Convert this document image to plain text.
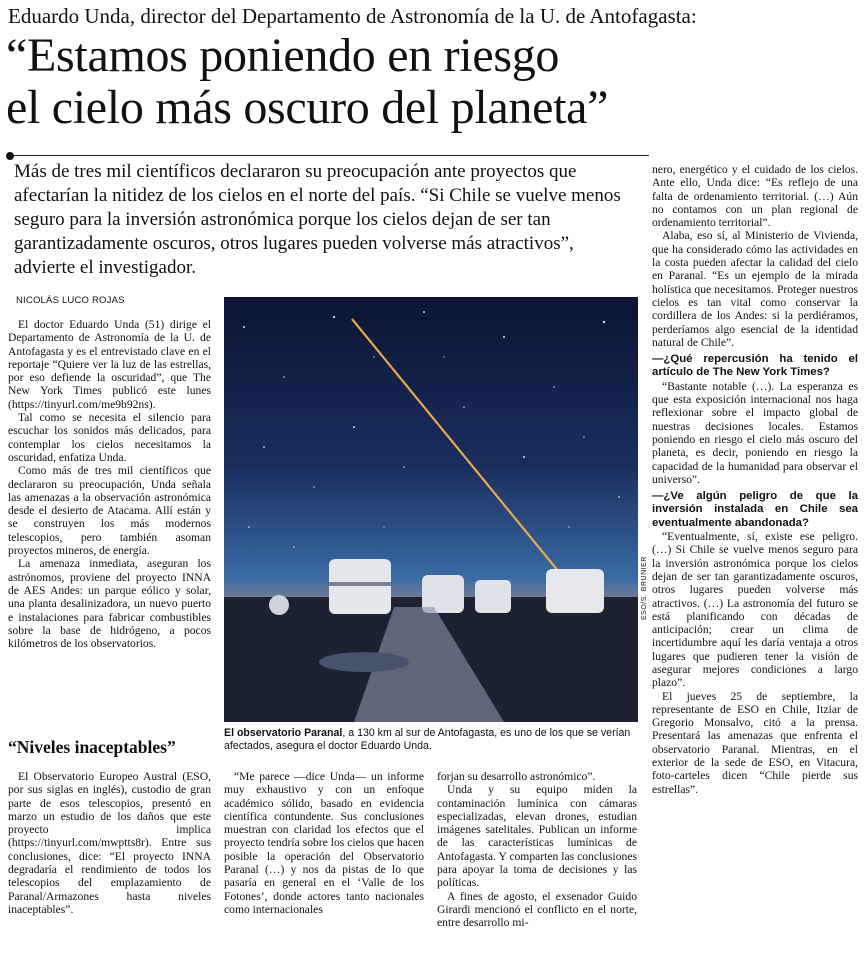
Eduardo Unda, director del Departamento de Astronomía de la U. de Antofagasta:
“Estamos poniendo en riesgo
el cielo más oscuro del planeta”
Más de tres mil científicos declararon su preocupación ante proyectos que afectarían la nitidez de los cielos en el norte del país. “Si Chile se vuelve menos seguro para la inversión astronómica porque los cielos dejan de ser tan garantizadamente oscuros, otros lugares pueden volverse más atractivos”, advierte el investigador.
NICOLÁS LUCO ROJAS

El doctor Eduardo Unda (51) dirige el Departamento de Astronomía de la U. de Antofagasta y es el entrevistado clave en el reportaje “Quiere ver la luz de las estrellas, por eso defiende la oscuridad”, que The New York Times publicó este lunes (https://tinyurl.com/me9b92ns).

Tal como se necesita el silencio para escuchar los sonidos más delicados, para contemplar los cielos necesitamos la oscuridad, enfatiza Unda.

Como más de tres mil científicos que declararon su preocupación, Unda señala las amenazas a la observación astronómica desde el desierto de Atacama. Allí están y se construyen los más modernos telescopios, pero también asoman proyectos mineros, de energía.

La amenaza inmediata, aseguran los astrónomos, proviene del proyecto INNA de AES Andes: un parque eólico y solar, una planta desalinizadora, un nuevo puerto e instalaciones para fabricar combustibles sobre la base de hidrógeno, a pocos kilómetros de los observatorios.

“Niveles inaceptables”

El Observatorio Europeo Austral (ESO, por sus siglas en inglés), custodio de gran parte de esos telescopios, presentó en marzo un estudio de los daños que este proyecto implica (https://tinyurl.com/mwptts8r). Entre sus conclusiones, dice: “El proyecto INNA degradaría el rendimiento de todos los telescopios del emplazamiento de Paranal/Armazones hasta niveles inaceptables”.

ESO/S. BRUNIER
El observatorio Paranal, a 130 km al sur de Antofagasta, es uno de los que se verían afectados, asegura el doctor Eduardo Unda.

“Me parece —dice Unda— un informe muy exhaustivo y con un enfoque académico sólido, basado en evidencia científica contundente. Sus conclusiones muestran con claridad los efectos que el proyecto tendría sobre los cielos que hacen posible la operación del Observatorio Paranal (…) y nos da pistas de lo que pasaría en general en el ‘Valle de los Fotones’, donde actores tanto nacionales como internacionales

forjan su desarrollo astronómico”.

Unda y su equipo miden la contaminación lumínica con cámaras especializadas, elevan drones, estudian imágenes satelitales. Publican un informe de las características lumínicas de Antofagasta. Y comparten las conclusiones para apoyar la toma de decisiones y las políticas.

A fines de agosto, el exsenador Guido Girardi mencionó el conflicto en el norte, entre desarrollo mi-

nero, energético y el cuidado de los cielos. Ante ello, Unda dice: “Es reflejo de una falta de ordenamiento territorial. (…) Aún no contamos con un plan regional de ordenamiento territorial”.

Alaba, eso sí, al Ministerio de Vivienda, que ha considerado cómo las actividades en la costa pueden afectar la calidad del cielo en Paranal. “Es un ejemplo de la mirada holística que necesitamos. Proteger nuestros cielos es tan vital como conservar la cordillera de los Andes: si la perdiéramos, perderíamos algo esencial de la identidad natural de Chile”.

—¿Qué repercusión ha tenido el artículo de The New York Times?

“Bastante notable (…). La esperanza es que esta exposición internacional nos haga reflexionar sobre el impacto global de nuestras decisiones locales. Estamos poniendo en riesgo el cielo más oscuro del planeta, es decir, poniendo en riesgo la capacidad de la humanidad para observar el universo”.

—¿Ve algún peligro de que la inversión instalada en Chile sea eventualmente abandonada?

“Eventualmente, sí, existe ese peligro. (…) Si Chile se vuelve menos seguro para la inversión astronómica porque los cielos dejan de ser tan garantizadamente oscuros, otros lugares pueden volverse más atractivos. (…) La astronomía del futuro se está planificando con décadas de anticipación; crear un clima de incertidumbre aquí les daría ventaja a otros lugares que pudieren tener la visión de asegurar mejores condiciones a largo plazo”.

El jueves 25 de septiembre, la representante de ESO en Chile, Itziar de Gregorio Monsalvo, citó a la prensa. Presentará las amenazas que enfrenta el observatorio Paranal. Mientras, en el exterior de la sede de ESO, en Vitacura, foto-carteles dicen “Chile pierde sus estrellas”.
